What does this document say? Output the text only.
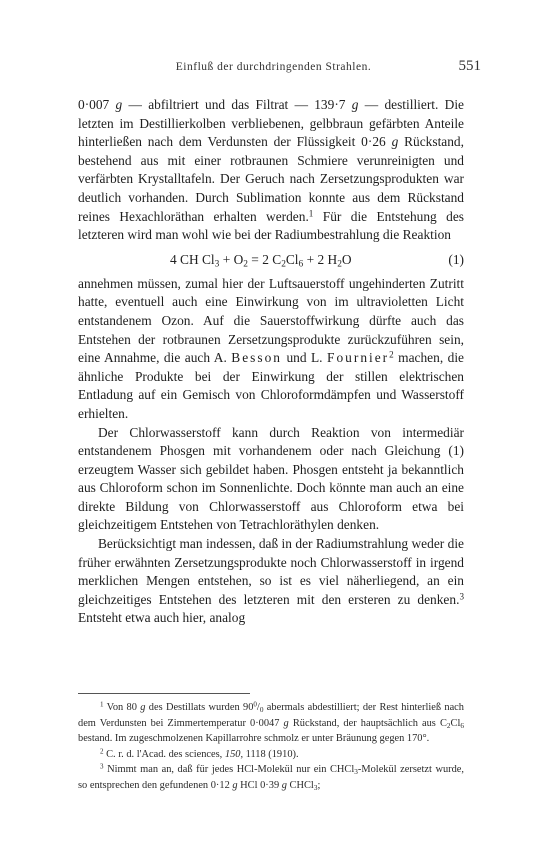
Einfluß der durchdringenden Strahlen.	551

0·007 g — abfiltriert und das Filtrat — 139·7 g — destilliert. Die letzten im Destillierkolben verbliebenen, gelbbraun gefärbten Anteile hinterließen nach dem Verdunsten der Flüssigkeit 0·26 g Rückstand, bestehend aus mit einer rotbraunen Schmiere verunreinigten und verfärbten Krystalltafeln. Der Geruch nach Zersetzungsprodukten war deutlich vorhanden. Durch Sublimation konnte aus dem Rückstand reines Hexachloräthan erhalten werden.$^1$ Für die Entstehung des letzteren wird man wohl wie bei der Radiumbestrahlung die Reaktion

4 CH $Cl_3 + O_2 = 2$ $C_2Cl_6 + 2$ $H_2O$	(1)

annehmen müssen, zumal hier der Luftsauerstoff ungehinderten Zutritt hatte, eventuell auch eine Einwirkung von im ultravioletten Licht entstandenem Ozon. Auf die Sauerstoffwirkung dürfte auch das Entstehen der rotbraunen Zersetzungsprodukte zurückzuführen sein, eine Annahme, die auch A. Besson und L. Fournier$^2$ machen, die ähnliche Produkte bei der Einwirkung der stillen elektrischen Entladung auf ein Gemisch von Chloroformdämpfen und Wasserstoff erhielten.

Der Chlorwasserstoff kann durch Reaktion von intermediär entstandenem Phosgen mit vorhandenem oder nach Gleichung (1) erzeugtem Wasser sich gebildet haben. Phosgen entsteht ja bekanntlich aus Chloroform schon im Sonnenlichte. Doch könnte man auch an eine direkte Bildung von Chlorwasserstoff aus Chloroform etwa bei gleichzeitigem Entstehen von Tetrachloräthylen denken.

Berücksichtigt man indessen, daß in der Radiumstrahlung weder die früher erwähnten Zersetzungsprodukte noch Chlorwasserstoff in irgend merklichen Mengen entstehen, so ist es viel näherliegend, an ein gleichzeitiges Entstehen des letzteren mit den ersteren zu denken.$^3$ Entsteht etwa auch hier, analog

$^1$ Von 80 g des Destillats wurden $90^0/_0$ abermals abdestilliert; der Rest hinterließ nach dem Verdunsten bei Zimmertemperatur 0·0047 g Rückstand, der hauptsächlich aus $C_2Cl_6$ bestand. Im zugeschmolzenen Kapillarrohre schmolz er unter Bräunung gegen 170°.

$^2$ C. r. d. l'Acad. des sciences, 150, 1118 (1910).

$^3$ Nimmt man an, daß für jedes HCl-Molekül nur ein CHCl$_3$-Molekül zersetzt wurde, so entsprechen den gefundenen 0·12 g HCl 0·39 g CHCl$_3$;
